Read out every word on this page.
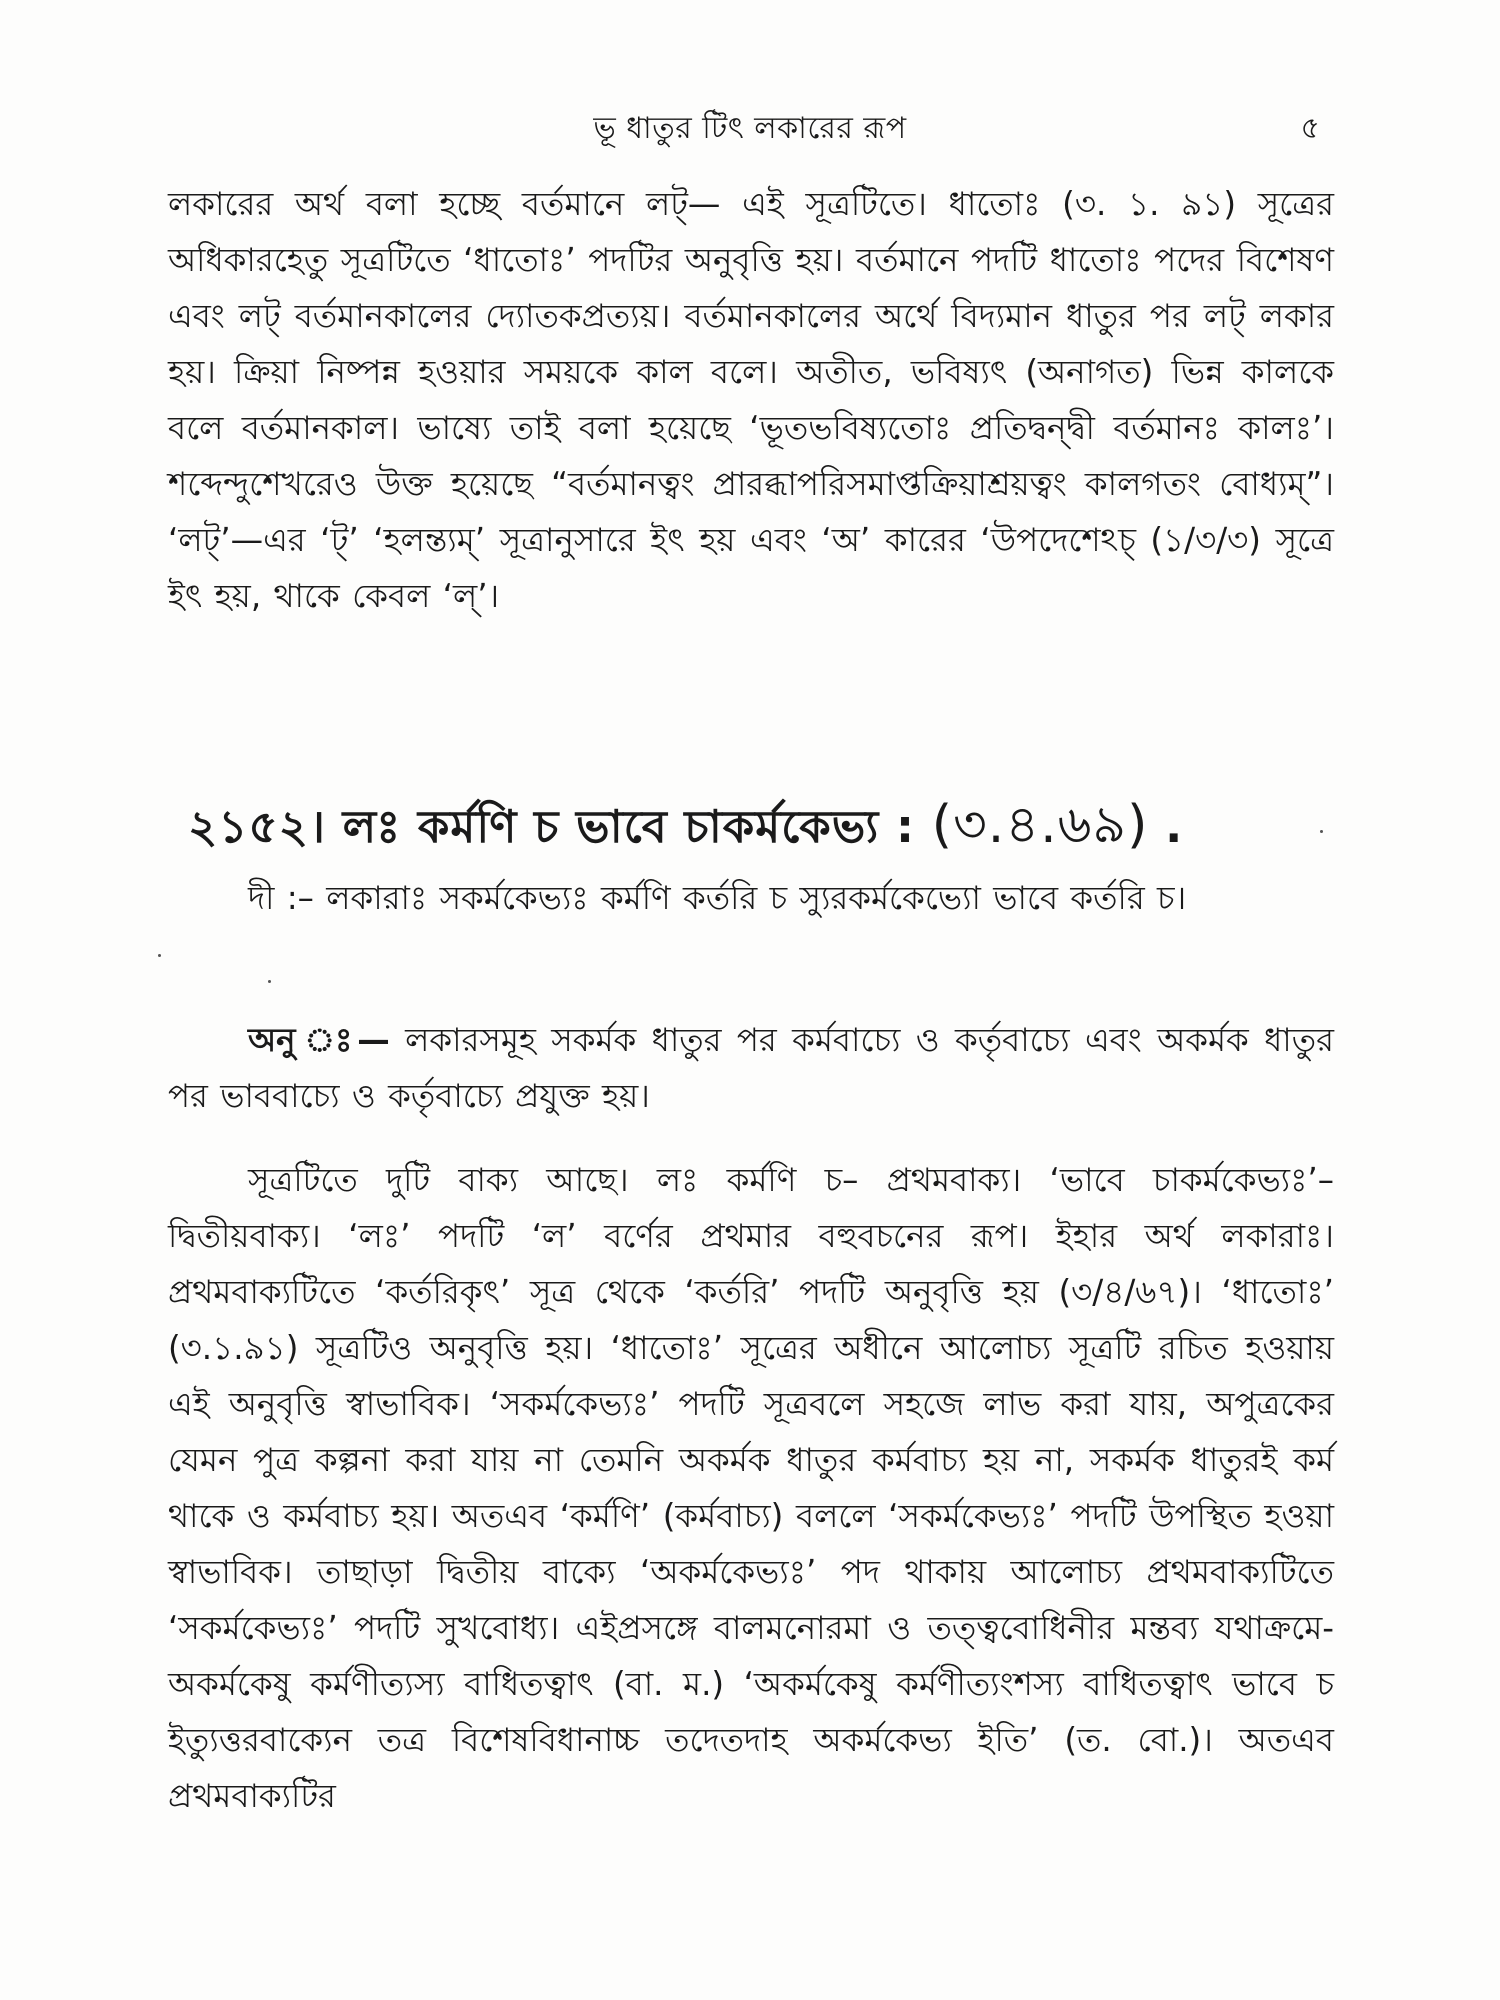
ভূ ধাতুর টিৎ লকারের রূপ	৫

লকারের অর্থ বলা হচ্ছে বর্তমানে লট্— এই সূত্রটিতে। ধাতোঃ (৩. ১. ৯১) সূত্রের অধিকারহেতু সূত্রটিতে ‘ধাতোঃ’ পদটির অনুবৃত্তি হয়। বর্তমানে পদটি ধাতোঃ পদের বিশেষণ এবং লট্ বর্তমানকালের দ্যোতকপ্রত্যয়। বর্তমানকালের অর্থে বিদ্যমান ধাতুর পর লট্ লকার হয়। ক্রিয়া নিষ্পন্ন হওয়ার সময়কে কাল বলে। অতীত, ভবিষ্যৎ (অনাগত) ভিন্ন কালকে বলে বর্তমানকাল। ভাষ্যে তাই বলা হয়েছে ‘ভূতভবিষ্যতোঃ প্রতিদ্বন্দ্বী বর্তমানঃ কালঃ’। শব্দেন্দুশেখরেও উক্ত হয়েছে “বর্তমানত্বং প্রারব্ধাপরিসমাপ্তক্রিয়াশ্রয়ত্বং কালগতং বোধ্যম্”। ‘লট্’—এর ‘ট্’ ‘হলন্ত্যম্’ সূত্রানুসারে ইৎ হয় এবং ‘অ’ কারের ‘উপদেশেঽচ্ (১/৩/৩) সূত্রে ইৎ হয়, থাকে কেবল ‘ল্’।

২১৫২। লঃ কর্মণি চ ভাবে চাকর্মকেভ্য : (৩.৪.৬৯) .

দী :– লকারাঃ সকর্মকেভ্যঃ কর্মণি কর্তরি চ স্যুরকর্মকেভ্যো ভাবে কর্তরি চ।

অনু ঃ— লকারসমূহ সকর্মক ধাতুর পর কর্মবাচ্যে ও কর্তৃবাচ্যে এবং অকর্মক ধাতুর পর ভাববাচ্যে ও কর্তৃবাচ্যে প্রযুক্ত হয়।

সূত্রটিতে দুটি বাক্য আছে। লঃ কর্মণি চ– প্রথমবাক্য। ‘ভাবে চাকর্মকেভ্যঃ’– দ্বিতীয়বাক্য। ‘লঃ’ পদটি ‘ল’ বর্ণের প্রথমার বহুবচনের রূপ। ইহার অর্থ লকারাঃ। প্রথমবাক্যটিতে ‘কর্তরিকৃৎ’ সূত্র থেকে ‘কর্তরি’ পদটি অনুবৃত্তি হয় (৩/৪/৬৭)। ‘ধাতোঃ’ (৩.১.৯১) সূত্রটিও অনুবৃত্তি হয়। ‘ধাতোঃ’ সূত্রের অধীনে আলোচ্য সূত্রটি রচিত হওয়ায় এই অনুবৃত্তি স্বাভাবিক। ‘সকর্মকেভ্যঃ’ পদটি সূত্রবলে সহজে লাভ করা যায়, অপুত্রকের যেমন পুত্র কল্পনা করা যায় না তেমনি অকর্মক ধাতুর কর্মবাচ্য হয় না, সকর্মক ধাতুরই কর্ম থাকে ও কর্মবাচ্য হয়। অতএব ‘কর্মণি’ (কর্মবাচ্য) বললে ‘সকর্মকেভ্যঃ’ পদটি উপস্থিত হওয়া স্বাভাবিক। তাছাড়া দ্বিতীয় বাক্যে ‘অকর্মকেভ্যঃ’ পদ থাকায় আলোচ্য প্রথমবাক্যটিতে ‘সকর্মকেভ্যঃ’ পদটি সুখবোধ্য। এইপ্রসঙ্গে বালমনোরমা ও তত্ত্ববোধিনীর মন্তব্য যথাক্রমে-অকর্মকেষু কর্মণীত্যস্য বাধিতত্বাৎ (বা. ম.) ‘অকর্মকেষু কর্মণীত্যংশস্য বাধিতত্বাৎ ভাবে চ ইত্যুত্তরবাক্যেন তত্র বিশেষবিধানাচ্চ তদেতদাহ অকর্মকেভ্য ইতি’ (ত. বো.)। অতএব প্রথমবাক্যটির
